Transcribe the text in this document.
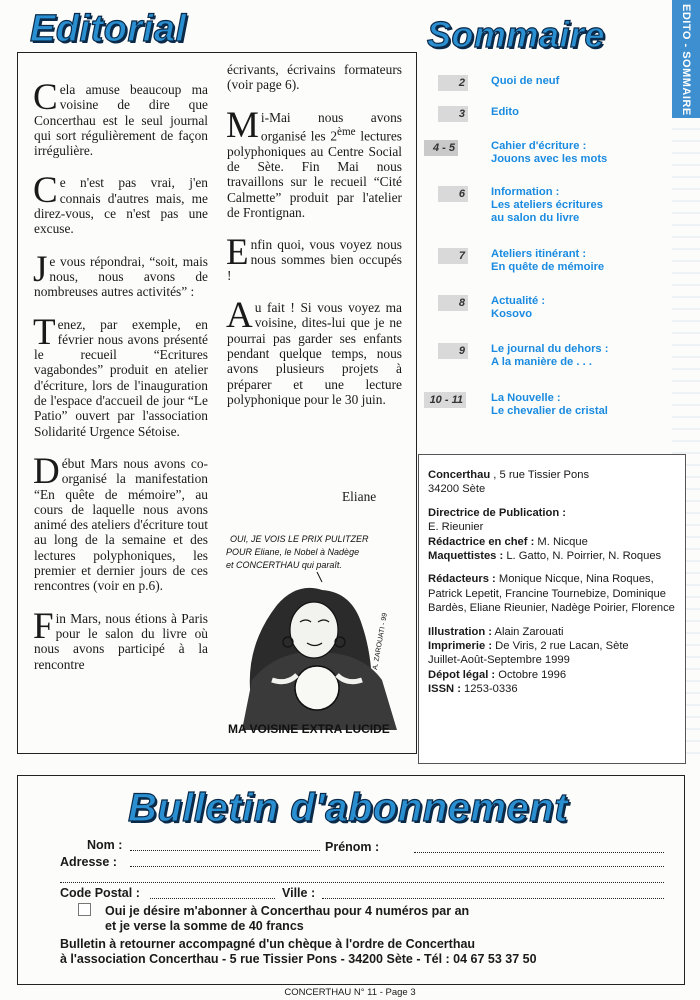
Editorial	Sommaire	EDITO - SOMMAIRE

Cela amuse beaucoup ma voisine de dire que Concerthau est le seul journal qui sort régulièrement de façon irrégulière.

Ce n'est pas vrai, j'en connais d'autres mais, me direz-vous, ce n'est pas une excuse.

Je vous répondrai, “soit, mais nous, nous avons de nombreuses autres activités” :

Tenez, par exemple, en février nous avons présenté le recueil “Ecritures vagabondes” produit en atelier d'écriture, lors de l'inauguration de l'espace d'accueil de jour “Le Patio” ouvert par l'association Solidarité Urgence Sétoise.

Début Mars nous avons co-organisé la manifestation “En quête de mémoire”, au cours de laquelle nous avons animé des ateliers d'écriture tout au long de la semaine et des lectures polyphoniques, les premier et dernier jours de ces rencontres (voir en p.6).

Fin Mars, nous étions à Paris pour le salon du livre où nous avons participé à la rencontre

écrivants, écrivains formateurs (voir page 6).

Mi-Mai nous avons organisé les 2ème lectures polyphoniques au Centre Social de Sète. Fin Mai nous travaillons sur le recueil “Cité Calmette” produit par l'atelier de Frontignan.

Enfin quoi, vous voyez nous nous sommes bien occupés !

Au fait ! Si vous voyez ma voisine, dites-lui que je ne pourrai pas garder ses enfants pendant quelque temps, nous avons plusieurs projets à préparer et une lecture polyphonique pour le 30 juin.

Eliane
OUI, JE VOIS LE PRIX PULITZER
POUR Eliane, le Nobel à Nadège
et CONCERTHAU qui paraît.
A. ZAROUATI - 99
MA VOISINE EXTRA LUCIDE
2 Quoi de neuf
3 Edito
4 - 5	Cahier d'écriture :
Jouons avec les mots
6 Information :
Les ateliers écritures
au salon du livre
7 Ateliers itinérant :
En quête de mémoire
8 Actualité :
Kosovo
9 Le journal du dehors :
A la manière de . . .
10 - 11	La Nouvelle :
Le chevalier de cristal
Concerthau , 5 rue Tissier Pons
34200 Sète
Directrice de Publication :
E. Rieunier
Rédactrice en chef : M. Nicque
Maquettistes : L. Gatto, N. Poirrier, N. Roques
Rédacteurs : Monique Nicque, Nina Roques, Patrick Lepetit, Francine Tournebize, Dominique Bardès, Eliane Rieunier, Nadège Poirier, Florence
Illustration : Alain Zarouati
Imprimerie : De Viris, 2 rue Lacan, Sète
Juillet-Août-Septembre 1999
Dépot légal : Octobre 1996
ISSN : 1253-0336
Bulletin d'abonnement
Nom :	Prénom :
Adresse :
Code Postal :	Ville :
Oui je désire m'abonner à Concerthau pour 4 numéros par an
et je verse la somme de 40 francs
Bulletin à retourner accompagné d'un chèque à l'ordre de Concerthau
à l'association Concerthau - 5 rue Tissier Pons - 34200 Sète - Tél : 04 67 53 37 50
CONCERTHAU N° 11 - Page 3
